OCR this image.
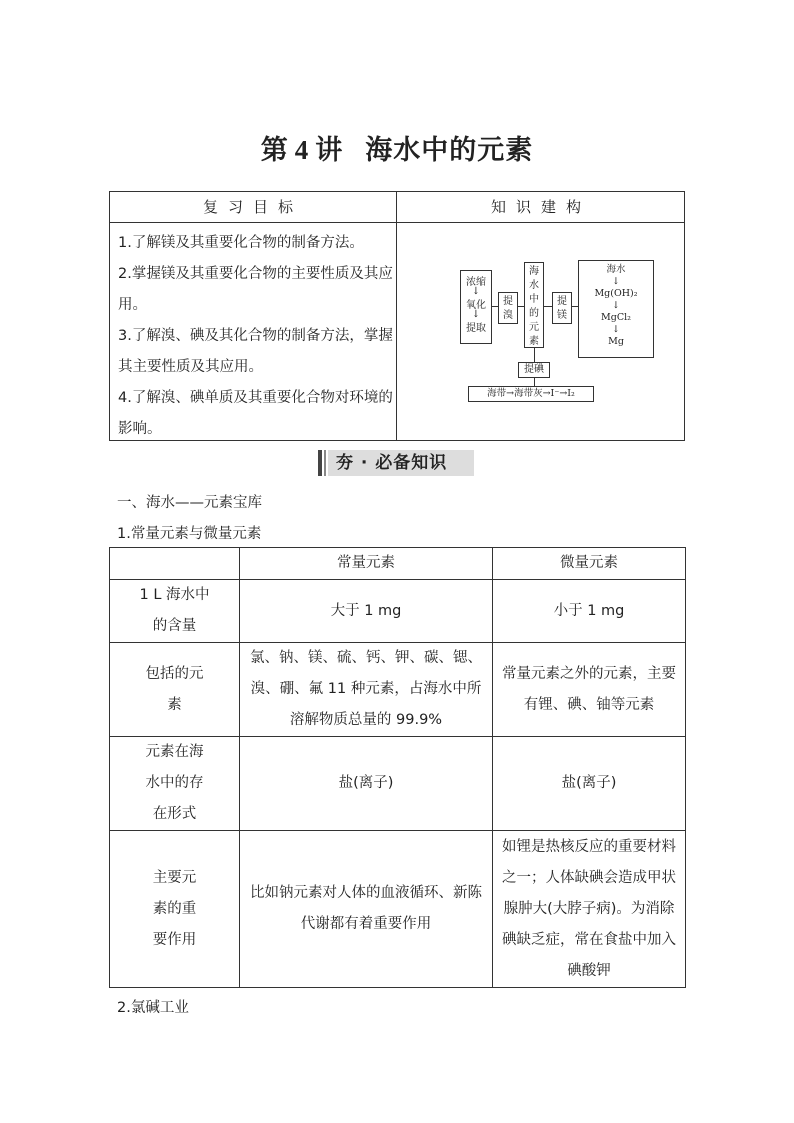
第 4 讲 海水中的元素
复习目标	知识建构

1.了解镁及其重要化合物的制备方法。

2.掌握镁及其重要化合物的主要性质及其应用。

3.了解溴、碘及其化合物的制备方法，掌握其主要性质及其应用。

4.了解溴、碘单质及其重要化合物对环境的影响。

浓缩
↓
氧化
↓
提取
提溴
海水中的元素
提镁
海水
↓
Mg(OH)₂
↓
MgCl₂
↓
Mg
提碘
海带→海带灰→I⁻→I₂
夯 · 必备知识
一、海水——元素宝库
1.常量元素与微量元素
	常量元素	微量元素
1 L 海水中的含量	大于 1 mg	小于 1 mg
包括的元素	氯、钠、镁、硫、钙、钾、碳、锶、溴、硼、氟 11 种元素，占海水中所溶解物质总量的 99.9%	常量元素之外的元素，主要有锂、碘、铀等元素
元素在海水中的存在形式	盐(离子)	盐(离子)
主要元素的重要作用	比如钠元素对人体的血液循环、新陈代谢都有着重要作用	如锂是热核反应的重要材料之一；人体缺碘会造成甲状腺肿大(大脖子病)。为消除碘缺乏症，常在食盐中加入碘酸钾
2.氯碱工业
